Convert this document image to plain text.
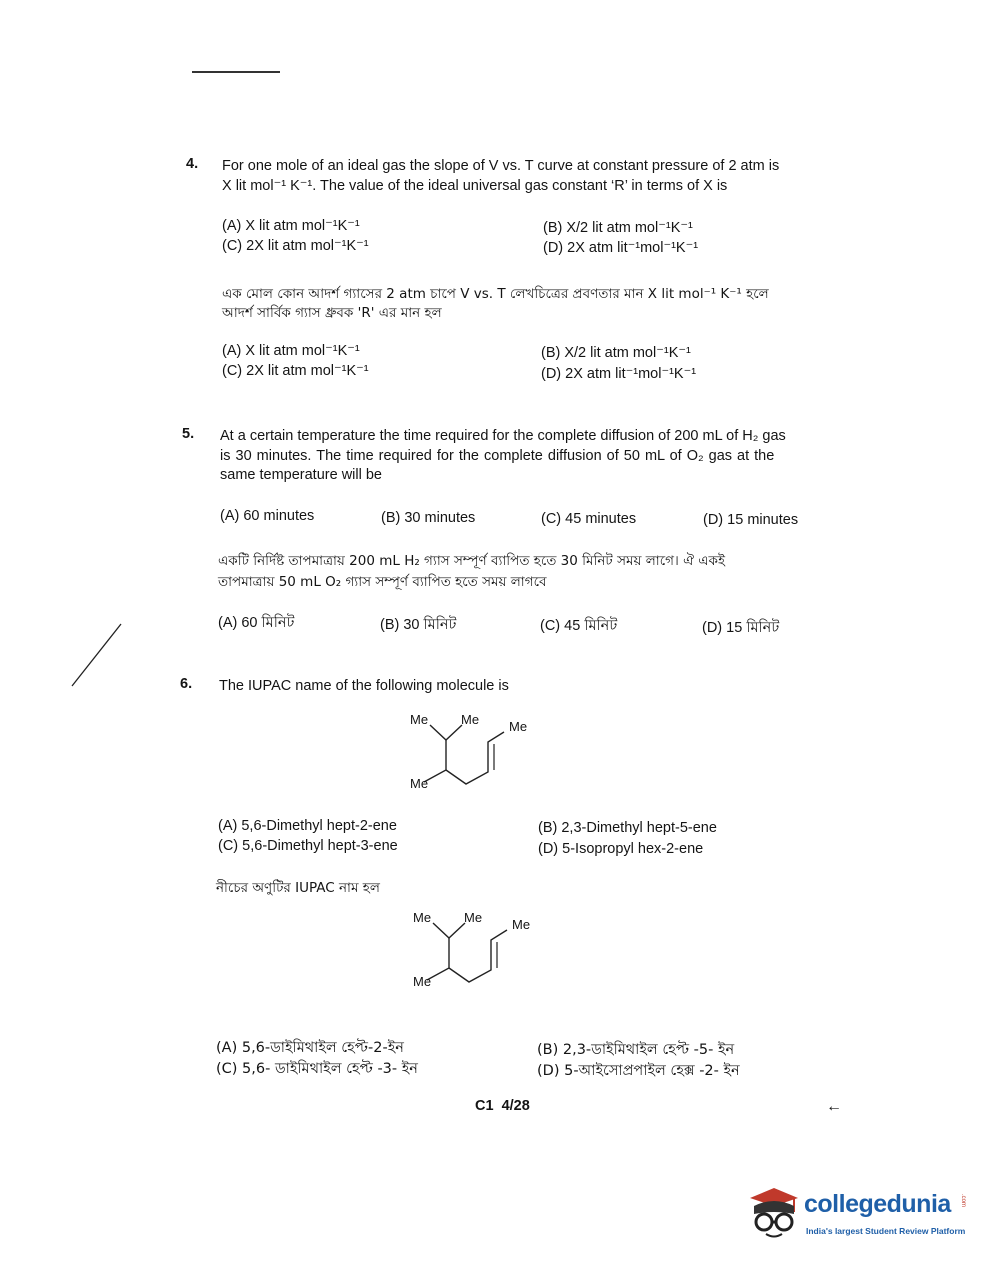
4. For one mole of an ideal gas the slope of V vs. T curve at constant pressure of 2 atm is
X lit mol⁻¹ K⁻¹. The value of the ideal universal gas constant ‘R’ in terms of X is
(A) X lit atm mol⁻¹K⁻¹	(B) X/2 lit atm mol⁻¹K⁻¹
(C) 2X lit atm mol⁻¹K⁻¹	(D) 2X atm lit⁻¹mol⁻¹K⁻¹
এক মোল কোন আদর্শ গ্যাসের 2 atm চাপে V vs. T লেখচিত্রের প্রবণতার মান X lit mol⁻¹ K⁻¹ হলে
আদর্শ সার্বিক গ্যাস ধ্রুবক 'R' এর মান হল
(A) X lit atm mol⁻¹K⁻¹	(B) X/2 lit atm mol⁻¹K⁻¹
(C) 2X lit atm mol⁻¹K⁻¹	(D) 2X atm lit⁻¹mol⁻¹K⁻¹
5. At a certain temperature the time required for the complete diffusion of 200 mL of H₂ gas
is 30 minutes. The time required for the complete diffusion of 50 mL of O₂ gas at the
same temperature will be
(A) 60 minutes	(B) 30 minutes	(C) 45 minutes	(D) 15 minutes
একটি নির্দিষ্ট তাপমাত্রায় 200 mL H₂ গ্যাস সম্পূর্ণ ব্যাপিত হতে 30 মিনিট সময় লাগে। ঐ একই
তাপমাত্রায় 50 mL O₂ গ্যাস সম্পূর্ণ ব্যাপিত হতে সময় লাগবে
(A) 60 মিনিট	(B) 30 মিনিট	(C) 45 মিনিট	(D) 15 মিনিট
6. The IUPAC name of the following molecule is
Me	Me Me
Me
(A) 5,6-Dimethyl hept-2-ene	(B) 2,3-Dimethyl hept-5-ene
(C) 5,6-Dimethyl hept-3-ene	(D) 5-Isopropyl hex-2-ene
নীচের অণুটির IUPAC নাম হল
Me	Me Me
Me
(A) 5,6-ডাইমিথাইল হেপ্ট-2-ইন	(B) 2,3-ডাইমিথাইল হেপ্ট -5- ইন
(C) 5,6- ডাইমিথাইল হেপ্ট -3- ইন	(D) 5-আইসোপ্রপাইল হেক্স -2- ইন
C1  4/28	←
collegedunia .com
India's largest Student Review Platform
